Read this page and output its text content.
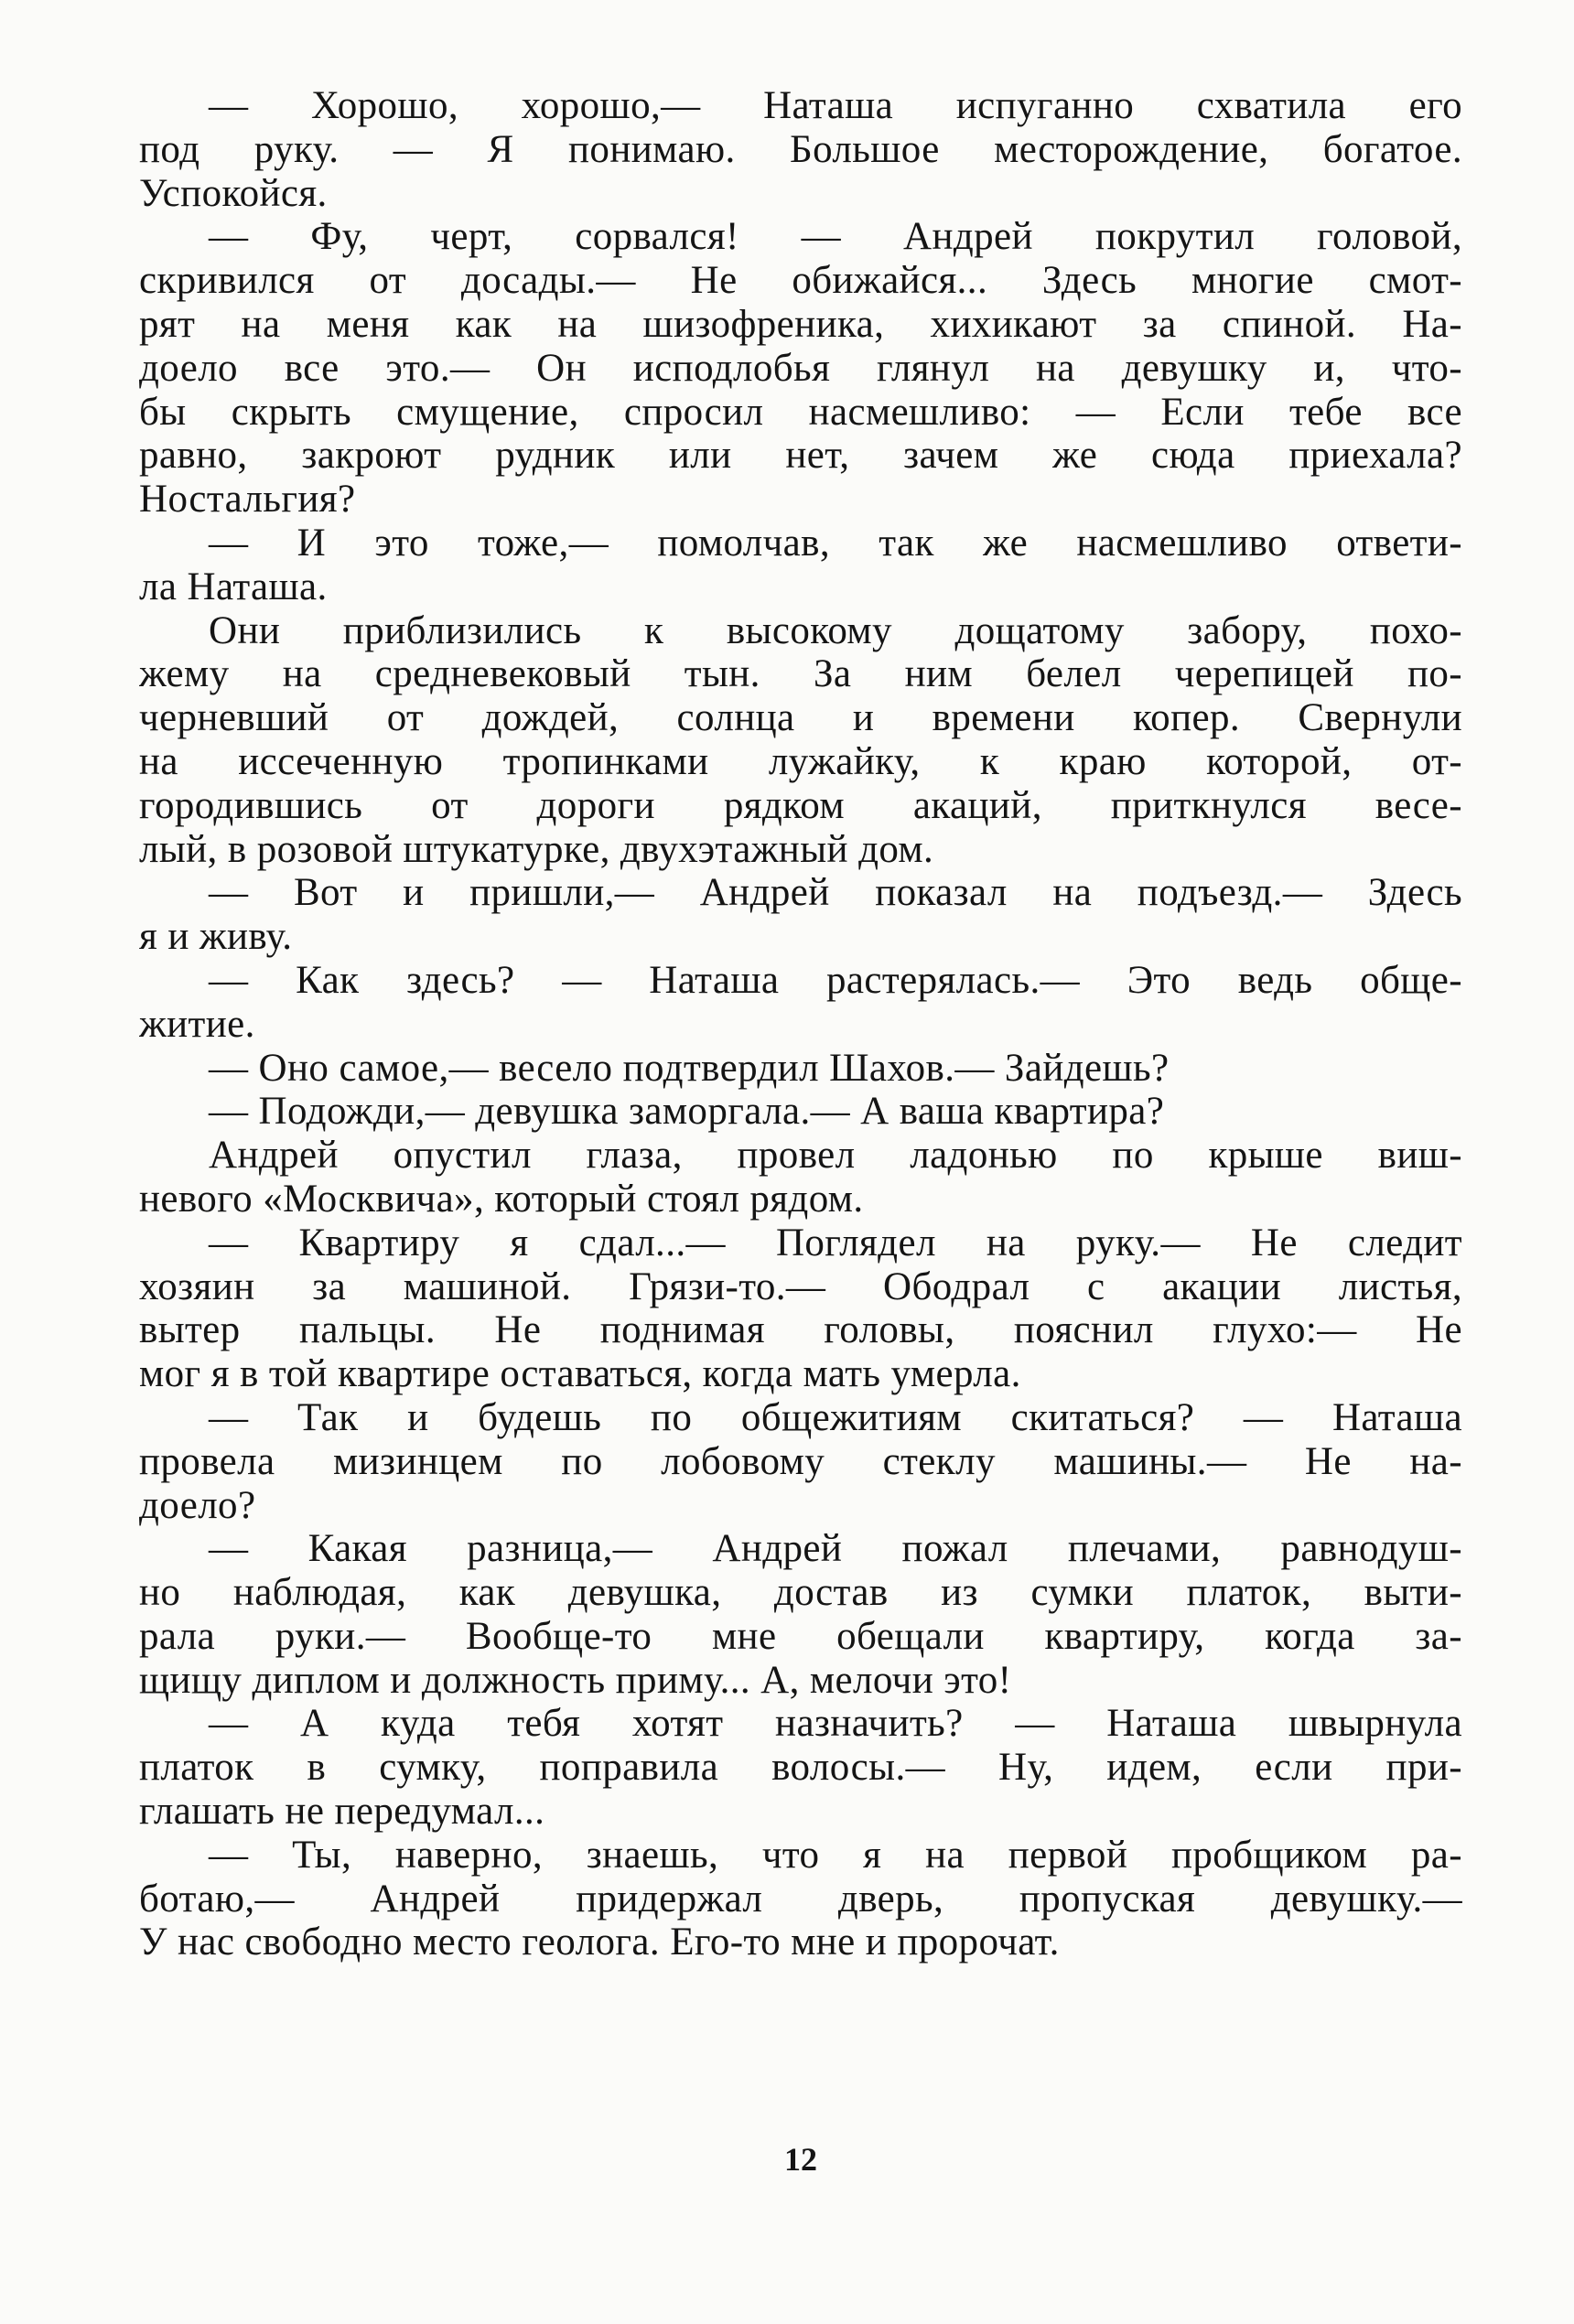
— Хорошо, хорошо,— Наташа испуганно схватила его
под руку. — Я понимаю. Большое месторождение, богатое.
Успокойся.
— Фу, черт, сорвался! — Андрей покрутил головой,
скривился от досады.— Не обижайся... Здесь многие смот-
рят на меня как на шизофреника, хихикают за спиной. На-
доело все это.— Он исподлобья глянул на девушку и, что-
бы скрыть смущение, спросил насмешливо: — Если тебе все
равно, закроют рудник или нет, зачем же сюда приехала?
Ностальгия?
— И это тоже,— помолчав, так же насмешливо ответи-
ла Наташа.
Они приблизились к высокому дощатому забору, похо-
жему на средневековый тын. За ним белел черепицей по-
черневший от дождей, солнца и времени копер. Свернули
на иссеченную тропинками лужайку, к краю которой, от-
городившись от дороги рядком акаций, приткнулся весе-
лый, в розовой штукатурке, двухэтажный дом.
— Вот и пришли,— Андрей показал на подъезд.— Здесь
я и живу.
— Как здесь? — Наташа растерялась.— Это ведь обще-
житие.
— Оно самое,— весело подтвердил Шахов.— Зайдешь?
— Подожди,— девушка заморгала.— А ваша квартира?
Андрей опустил глаза, провел ладонью по крыше виш-
невого «Москвича», который стоял рядом.
— Квартиру я сдал...— Поглядел на руку.— Не следит
хозяин за машиной. Грязи-то.— Ободрал с акации листья,
вытер пальцы. Не поднимая головы, пояснил глухо:— Не
мог я в той квартире оставаться, когда мать умерла.
— Так и будешь по общежитиям скитаться? — Наташа
провела мизинцем по лобовому стеклу машины.— Не на-
доело?
— Какая разница,— Андрей пожал плечами, равнодуш-
но наблюдая, как девушка, достав из сумки платок, выти-
рала руки.— Вообще-то мне обещали квартиру, когда за-
щищу диплом и должность приму... А, мелочи это!
— А куда тебя хотят назначить? — Наташа швырнула
платок в сумку, поправила волосы.— Ну, идем, если при-
глашать не передумал...
— Ты, наверно, знаешь, что я на первой пробщиком ра-
ботаю,— Андрей придержал дверь, пропуская девушку.—
У нас свободно место геолога. Его-то мне и пророчат.
12
